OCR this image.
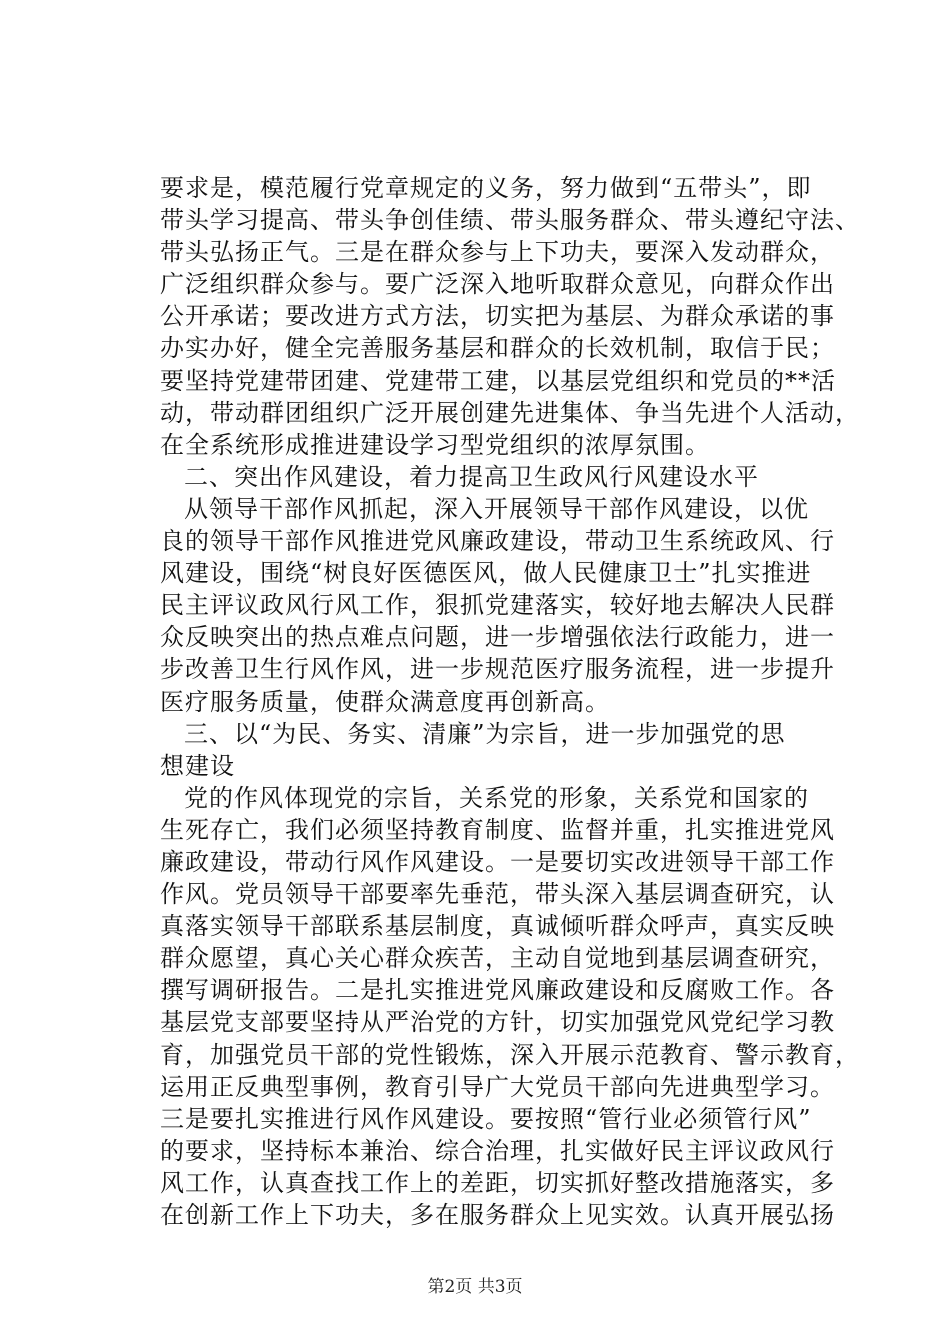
要求是，模范履行党章规定的义务，努力做到“五带头”，即
带头学习提高、带头争创佳绩、带头服务群众、带头遵纪守法、
带头弘扬正气。三是在群众参与上下功夫，要深入发动群众，
广泛组织群众参与。要广泛深入地听取群众意见，向群众作出
公开承诺；要改进方式方法，切实把为基层、为群众承诺的事
办实办好，健全完善服务基层和群众的长效机制，取信于民；
要坚持党建带团建、党建带工建，以基层党组织和党员的**活
动，带动群团组织广泛开展创建先进集体、争当先进个人活动，
在全系统形成推进建设学习型党组织的浓厚氛围。
二、突出作风建设，着力提高卫生政风行风建设水平
从领导干部作风抓起，深入开展领导干部作风建设，以优
良的领导干部作风推进党风廉政建设，带动卫生系统政风、行
风建设，围绕“树良好医德医风，做人民健康卫士”扎实推进
民主评议政风行风工作，狠抓党建落实，较好地去解决人民群
众反映突出的热点难点问题，进一步增强依法行政能力，进一
步改善卫生行风作风，进一步规范医疗服务流程，进一步提升
医疗服务质量，使群众满意度再创新高。
三、以“为民、务实、清廉”为宗旨，进一步加强党的思
想建设
党的作风体现党的宗旨，关系党的形象，关系党和国家的
生死存亡，我们必须坚持教育制度、监督并重，扎实推进党风
廉政建设，带动行风作风建设。一是要切实改进领导干部工作
作风。党员领导干部要率先垂范，带头深入基层调查研究，认
真落实领导干部联系基层制度，真诚倾听群众呼声，真实反映
群众愿望，真心关心群众疾苦，主动自觉地到基层调查研究，
撰写调研报告。二是扎实推进党风廉政建设和反腐败工作。各
基层党支部要坚持从严治党的方针，切实加强党风党纪学习教
育，加强党员干部的党性锻炼，深入开展示范教育、警示教育，
运用正反典型事例，教育引导广大党员干部向先进典型学习。
三是要扎实推进行风作风建设。要按照“管行业必须管行风”
的要求，坚持标本兼治、综合治理，扎实做好民主评议政风行
风工作，认真查找工作上的差距，切实抓好整改措施落实，多
在创新工作上下功夫，多在服务群众上见实效。认真开展弘扬
第2页 共3页
